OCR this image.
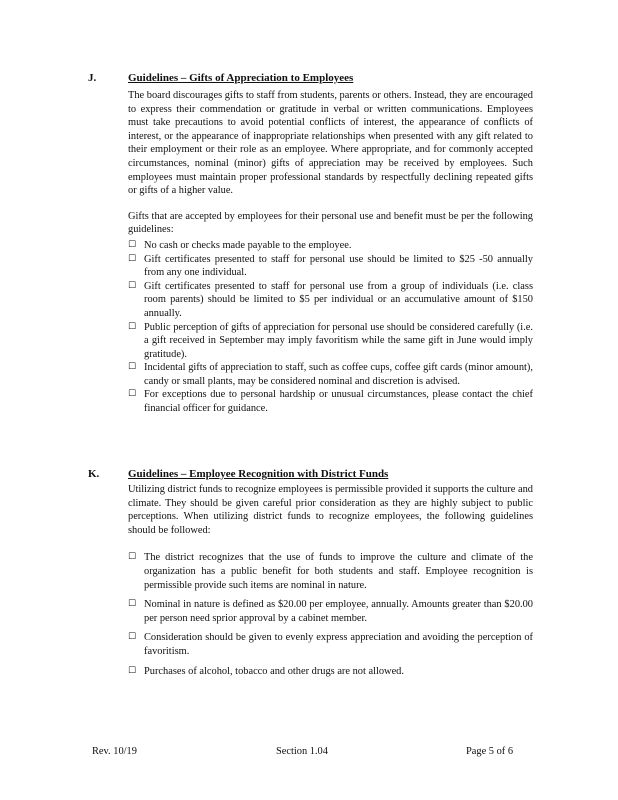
J.	Guidelines – Gifts of Appreciation to Employees

The board discourages gifts to staff from students, parents or others. Instead, they are encouraged to express their commendation or gratitude in verbal or written communications. Employees must take precautions to avoid potential conflicts of interest, the appearance of conflicts of interest, or the appearance of inappropriate relationships when presented with any gift related to their employment or their role as an employee. Where appropriate, and for commonly accepted circumstances, nominal (minor) gifts of appreciation may be received by employees. Such employees must maintain proper professional standards by respectfully declining repeated gifts or gifts of a higher value.

Gifts that are accepted by employees for their personal use and benefit must be per the following guidelines:

☐ No cash or checks made payable to the employee.
☐ Gift certificates presented to staff for personal use should be limited to $25 -50 annually from any one individual.
☐ Gift certificates presented to staff for personal use from a group of individuals (i.e. class room parents) should be limited to $5 per individual or an accumulative amount of $150 annually.
☐ Public perception of gifts of appreciation for personal use should be considered carefully (i.e. a gift received in September may imply favoritism while the same gift in June would imply gratitude).
☐ Incidental gifts of appreciation to staff, such as coffee cups, coffee gift cards (minor amount), candy or small plants, may be considered nominal and discretion is advised.
☐ For exceptions due to personal hardship or unusual circumstances, please contact the chief financial officer for guidance.
K.	Guidelines – Employee Recognition with District Funds

Utilizing district funds to recognize employees is permissible provided it supports the culture and climate. They should be given careful prior consideration as they are highly subject to public perceptions. When utilizing district funds to recognize employees, the following guidelines should be followed:

☐ The district recognizes that the use of funds to improve the culture and climate of the organization has a public benefit for both students and staff. Employee recognition is permissible provide such items are nominal in nature.
☐ Nominal in nature is defined as $20.00 per employee, annually. Amounts greater than $20.00 per person need sprior approval by a cabinet member.
☐ Consideration should be given to evenly express appreciation and avoiding the perception of favoritism.
☐ Purchases of alcohol, tobacco and other drugs are not allowed.
Rev. 10/19	Section 1.04	Page 5 of 6
